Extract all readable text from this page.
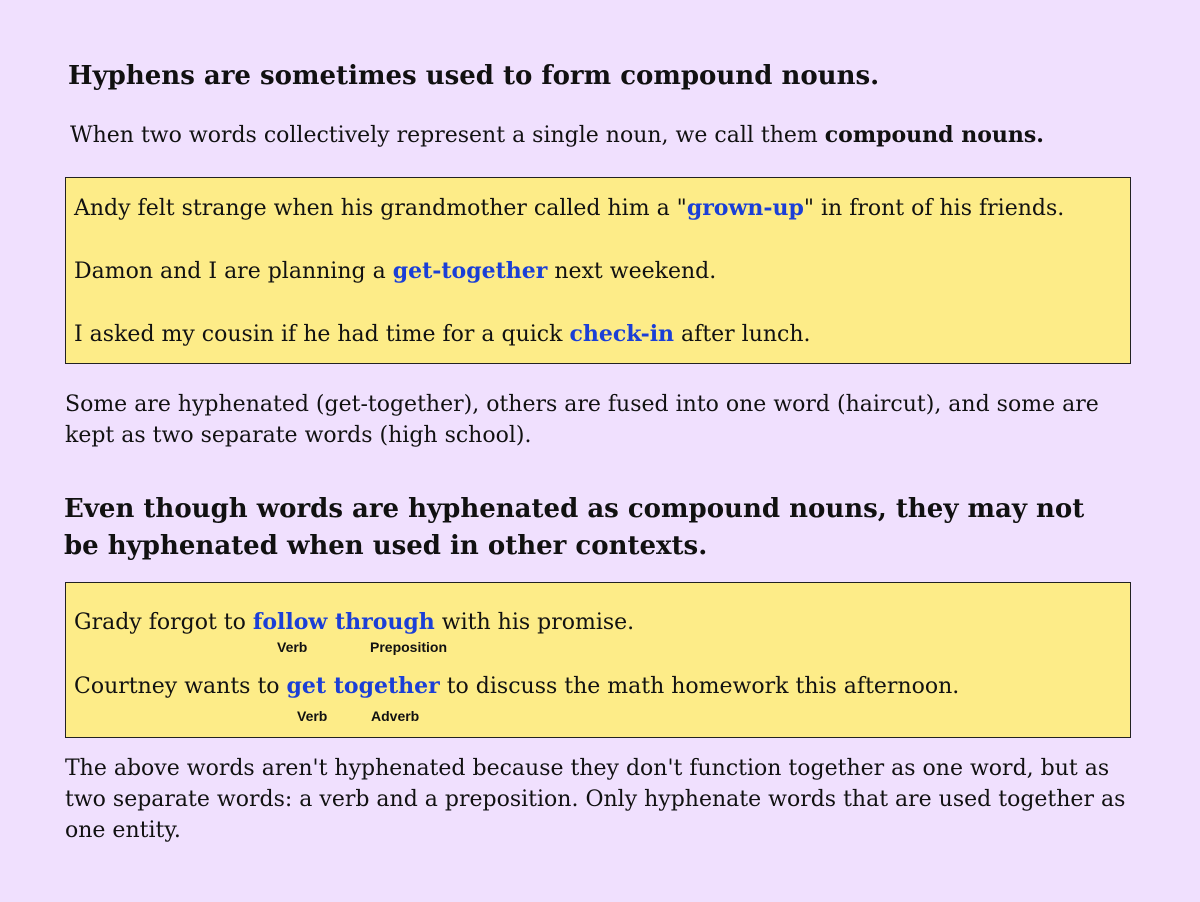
Hyphens are sometimes used to form compound nouns.

When two words collectively represent a single noun, we call them compound nouns.

Andy felt strange when his grandmother called him a "grown-up" in front of his friends.
Damon and I are planning a get-together next weekend.
I asked my cousin if he had time for a quick check-in after lunch.

Some are hyphenated (get-together), others are fused into one word (haircut), and some are kept as two separate words (high school).

Even though words are hyphenated as compound nouns, they may not be hyphenated when used in other contexts.
Grady forgot to follow through with his promise.
Verb	Preposition
Courtney wants to get together to discuss the math homework this afternoon.
Verb	Adverb

The above words aren't hyphenated because they don't function together as one word, but as two separate words: a verb and a preposition. Only hyphenate words that are used together as one entity.
